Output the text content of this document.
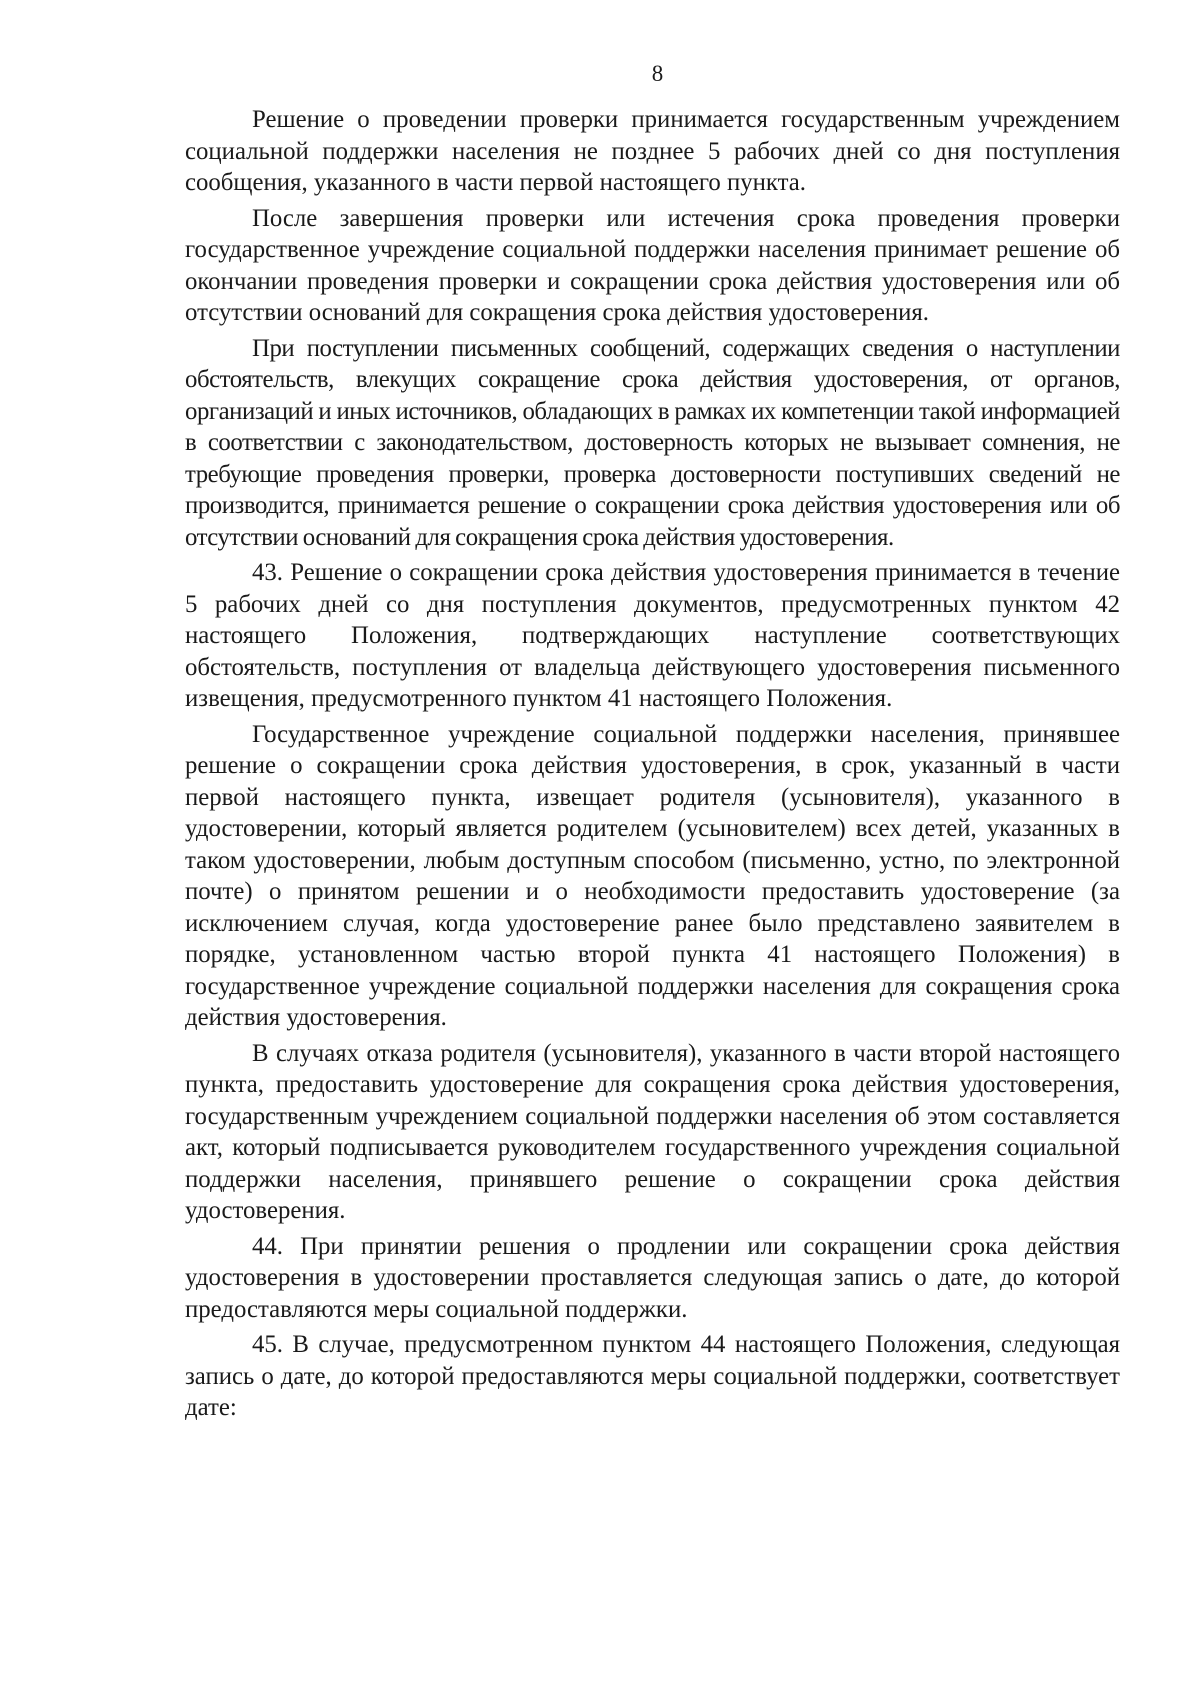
8

Решение о проведении проверки принимается государственным учреждением социальной поддержки населения не позднее 5 рабочих дней со дня поступления сообщения, указанного в части первой настоящего пункта.

После завершения проверки или истечения срока проведения проверки государственное учреждение социальной поддержки населения принимает решение об окончании проведения проверки и сокращении срока действия удостоверения или об отсутствии оснований для сокращения срока действия удостоверения.

При поступлении письменных сообщений, содержащих сведения о наступлении обстоятельств, влекущих сокращение срока действия удостоверения, от органов, организаций и иных источников, обладающих в рамках их компетенции такой информацией в соответствии с законодательством, достоверность которых не вызывает сомнения, не требующие проведения проверки, проверка достоверности поступивших сведений не производится, принимается решение о сокращении срока действия удостоверения или об отсутствии оснований для сокращения срока действия удостоверения.

43. Решение о сокращении срока действия удостоверения принимается в течение 5 рабочих дней со дня поступления документов, предусмотренных пунктом 42 настоящего Положения, подтверждающих наступление соответствующих обстоятельств, поступления от владельца действующего удостоверения письменного извещения, предусмотренного пунктом 41 настоящего Положения.

Государственное учреждение социальной поддержки населения, принявшее решение о сокращении срока действия удостоверения, в срок, указанный в части первой настоящего пункта, извещает родителя (усыновителя), указанного в удостоверении, который является родителем (усыновителем) всех детей, указанных в таком удостоверении, любым доступным способом (письменно, устно, по электронной почте) о принятом решении и о необходимости предоставить удостоверение (за исключением случая, когда удостоверение ранее было представлено заявителем в порядке, установленном частью второй пункта 41 настоящего Положения) в государственное учреждение социальной поддержки населения для сокращения срока действия удостоверения.

В случаях отказа родителя (усыновителя), указанного в части второй настоящего пункта, предоставить удостоверение для сокращения срока действия удостоверения, государственным учреждением социальной поддержки населения об этом составляется акт, который подписывается руководителем государственного учреждения социальной поддержки населения, принявшего решение о сокращении срока действия удостоверения.

44. При принятии решения о продлении или сокращении срока действия удостоверения в удостоверении проставляется следующая запись о дате, до которой предоставляются меры социальной поддержки.

45. В случае, предусмотренном пунктом 44 настоящего Положения, следующая запись о дате, до которой предоставляются меры социальной поддержки, соответствует дате:
